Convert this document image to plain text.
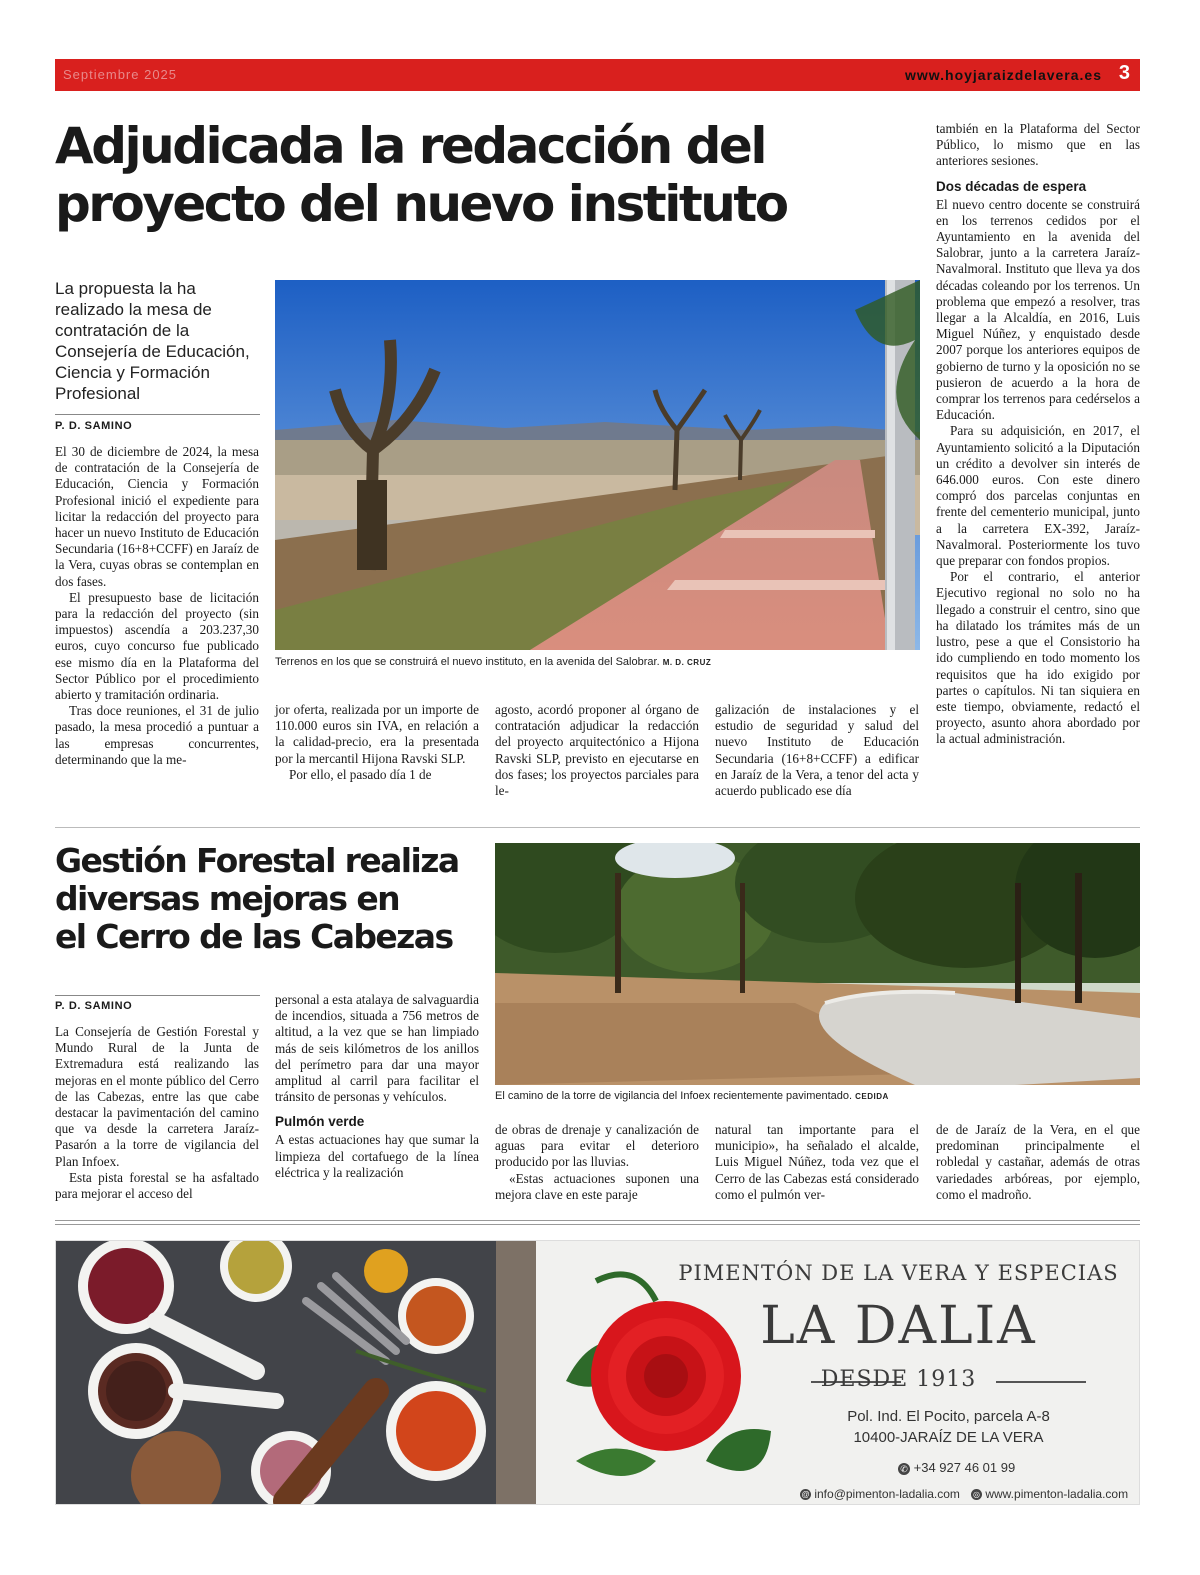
Septiembre 2025	www.hoyjaraizdelavera.es 3
Adjudicada la redacción del
proyecto del nuevo instituto

La propuesta la ha realizado la mesa de contratación de la Consejería de Educación, Ciencia y Formación Profesional

P. D. SAMINO
Terrenos en los que se construirá el nuevo instituto, en la avenida del Salobrar. M. D. CRUZ

El 30 de diciembre de 2024, la mesa de contratación de la Consejería de Educación, Ciencia y Formación Profesional inició el expediente para licitar la redacción del proyecto para hacer un nuevo Instituto de Educación Secundaria (16+8+CCFF) en Jaraíz de la Vera, cuyas obras se contemplan en dos fases.

El presupuesto base de licitación para la redacción del proyecto (sin impuestos) ascendía a 203.237,30 euros, cuyo concurso fue publicado ese mismo día en la Plataforma del Sector Público por el procedimiento abierto y tramitación ordinaria.

Tras doce reuniones, el 31 de julio pasado, la mesa procedió a puntuar a las empresas concurrentes, determinando que la me-

jor oferta, realizada por un importe de 110.000 euros sin IVA, en relación a la calidad-precio, era la presentada por la mercantil Hijona Ravski SLP.

Por ello, el pasado día 1 de

agosto, acordó proponer al órgano de contratación adjudicar la redacción del proyecto arquitectónico a Hijona Ravski SLP, previsto en ejecutarse en dos fases; los proyectos parciales para le-

galización de instalaciones y el estudio de seguridad y salud del nuevo Instituto de Educación Secundaria (16+8+CCFF) a edificar en Jaraíz de la Vera, a tenor del acta y acuerdo publicado ese día

también en la Plataforma del Sector Público, lo mismo que en las anteriores sesiones.

Dos décadas de espera

El nuevo centro docente se construirá en los terrenos cedidos por el Ayuntamiento en la avenida del Salobrar, junto a la carretera Jaraíz-Navalmoral. Instituto que lleva ya dos décadas coleando por los terrenos. Un problema que empezó a resolver, tras llegar a la Alcaldía, en 2016, Luis Miguel Núñez, y enquistado desde 2007 porque los anteriores equipos de gobierno de turno y la oposición no se pusieron de acuerdo a la hora de comprar los terrenos para cedérselos a Educación.

Para su adquisición, en 2017, el Ayuntamiento solicitó a la Diputación un crédito a devolver sin interés de 646.000 euros. Con este dinero compró dos parcelas conjuntas en frente del cementerio municipal, junto a la carretera EX-392, Jaraíz-Navalmoral. Posteriormente los tuvo que preparar con fondos propios.

Por el contrario, el anterior Ejecutivo regional no solo no ha llegado a construir el centro, sino que ha dilatado los trámites más de un lustro, pese a que el Consistorio ha ido cumpliendo en todo momento los requisitos que ha ido exigido por partes o capítulos. Ni tan siquiera en este tiempo, obviamente, redactó el proyecto, asunto ahora abordado por la actual administración.

Gestión Forestal realiza
diversas mejoras en
el Cerro de las Cabezas
P. D. SAMINO
El camino de la torre de vigilancia del Infoex recientemente pavimentado. CEDIDA

La Consejería de Gestión Forestal y Mundo Rural de la Junta de Extremadura está realizando las mejoras en el monte público del Cerro de las Cabezas, entre las que cabe destacar la pavimentación del camino que va desde la carretera Jaraíz-Pasarón a la torre de vigilancia del Plan Infoex.

Esta pista forestal se ha asfaltado para mejorar el acceso del

personal a esta atalaya de salvaguardia de incendios, situada a 756 metros de altitud, a la vez que se han limpiado más de seis kilómetros de los anillos del perímetro para dar una mayor amplitud al carril para facilitar el tránsito de personas y vehículos.

Pulmón verde

A estas actuaciones hay que sumar la limpieza del cortafuego de la línea eléctrica y la realización

de obras de drenaje y canalización de aguas para evitar el deterioro producido por las lluvias.

«Estas actuaciones suponen una mejora clave en este paraje

natural tan importante para el municipio», ha señalado el alcalde, Luis Miguel Núñez, toda vez que el Cerro de las Cabezas está considerado como el pulmón ver-

de de Jaraíz de la Vera, en el que predominan principalmente el robledal y castañar, además de otras variedades arbóreas, por ejemplo, como el madroño.

PIMENTÓN DE LA VERA Y ESPECIAS
LA DALIA
DESDE 1913
Pol. Ind. El Pocito, parcela A-8
10400-JARAÍZ DE LA VERA
✆ +34 927 46 01 99
@ info@pimenton-ladalia.com ◎ www.pimenton-ladalia.com
